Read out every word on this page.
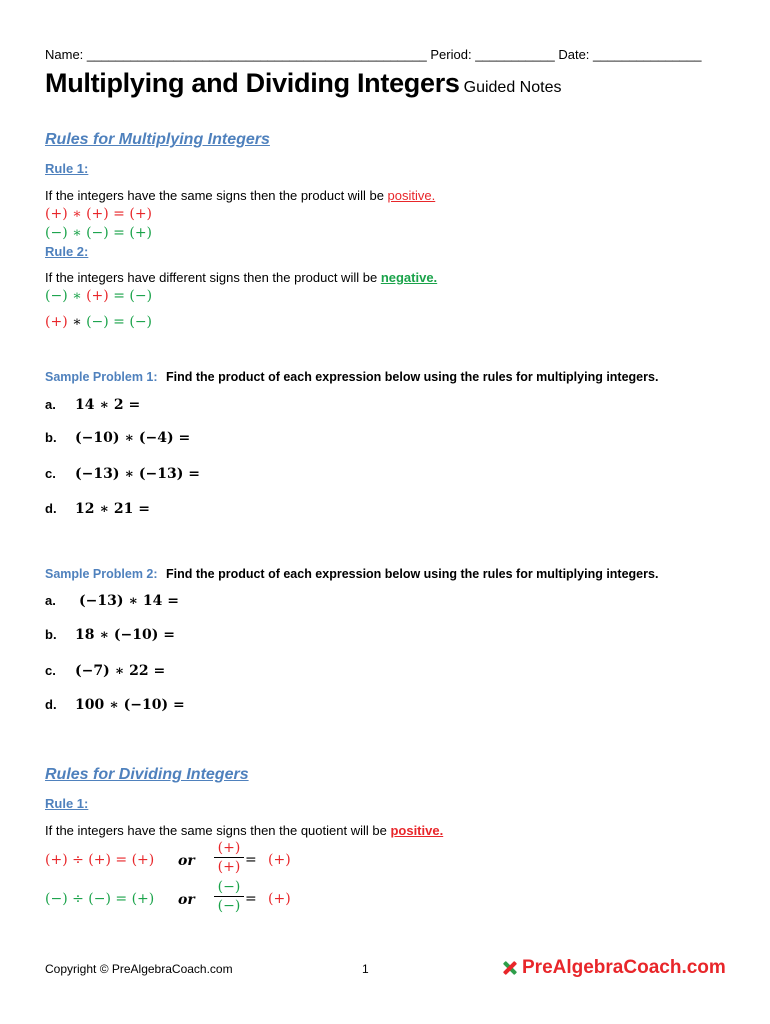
Name: _______________________________________________ Period: ___________ Date: _______________
Multiplying and Dividing Integers Guided Notes
Rules for Multiplying Integers
Rule 1:
If the integers have the same signs then the product will be positive.
(+) ∗ (+) = (+)
(−) ∗ (−) = (+)
Rule 2:
If the integers have different signs then the product will be negative.
(−) ∗ (+) = (−)
(+) ∗ (−) = (−)
Sample Problem 1: Find the product of each expression below using the rules for multiplying integers.
a. 14 ∗ 2 =
b. (−10) ∗ (−4) =
c. (−13) ∗ (−13) =
d. 12 ∗ 21 =
Sample Problem 2: Find the product of each expression below using the rules for multiplying integers.
a. (−13) ∗ 14 =
b. 18 ∗ (−10) =
c. (−7) ∗ 22 =
d. 100 ∗ (−10) =
Rules for Dividing Integers
Rule 1:
If the integers have the same signs then the quotient will be positive.
(+) ÷ (+) = (+) or
(+)
(+) = (+)
(−) ÷ (−) = (+) or
(−)
(−) = (+)
Copyright © PreAlgebraCoach.com	1	PreAlgebraCoach.com
